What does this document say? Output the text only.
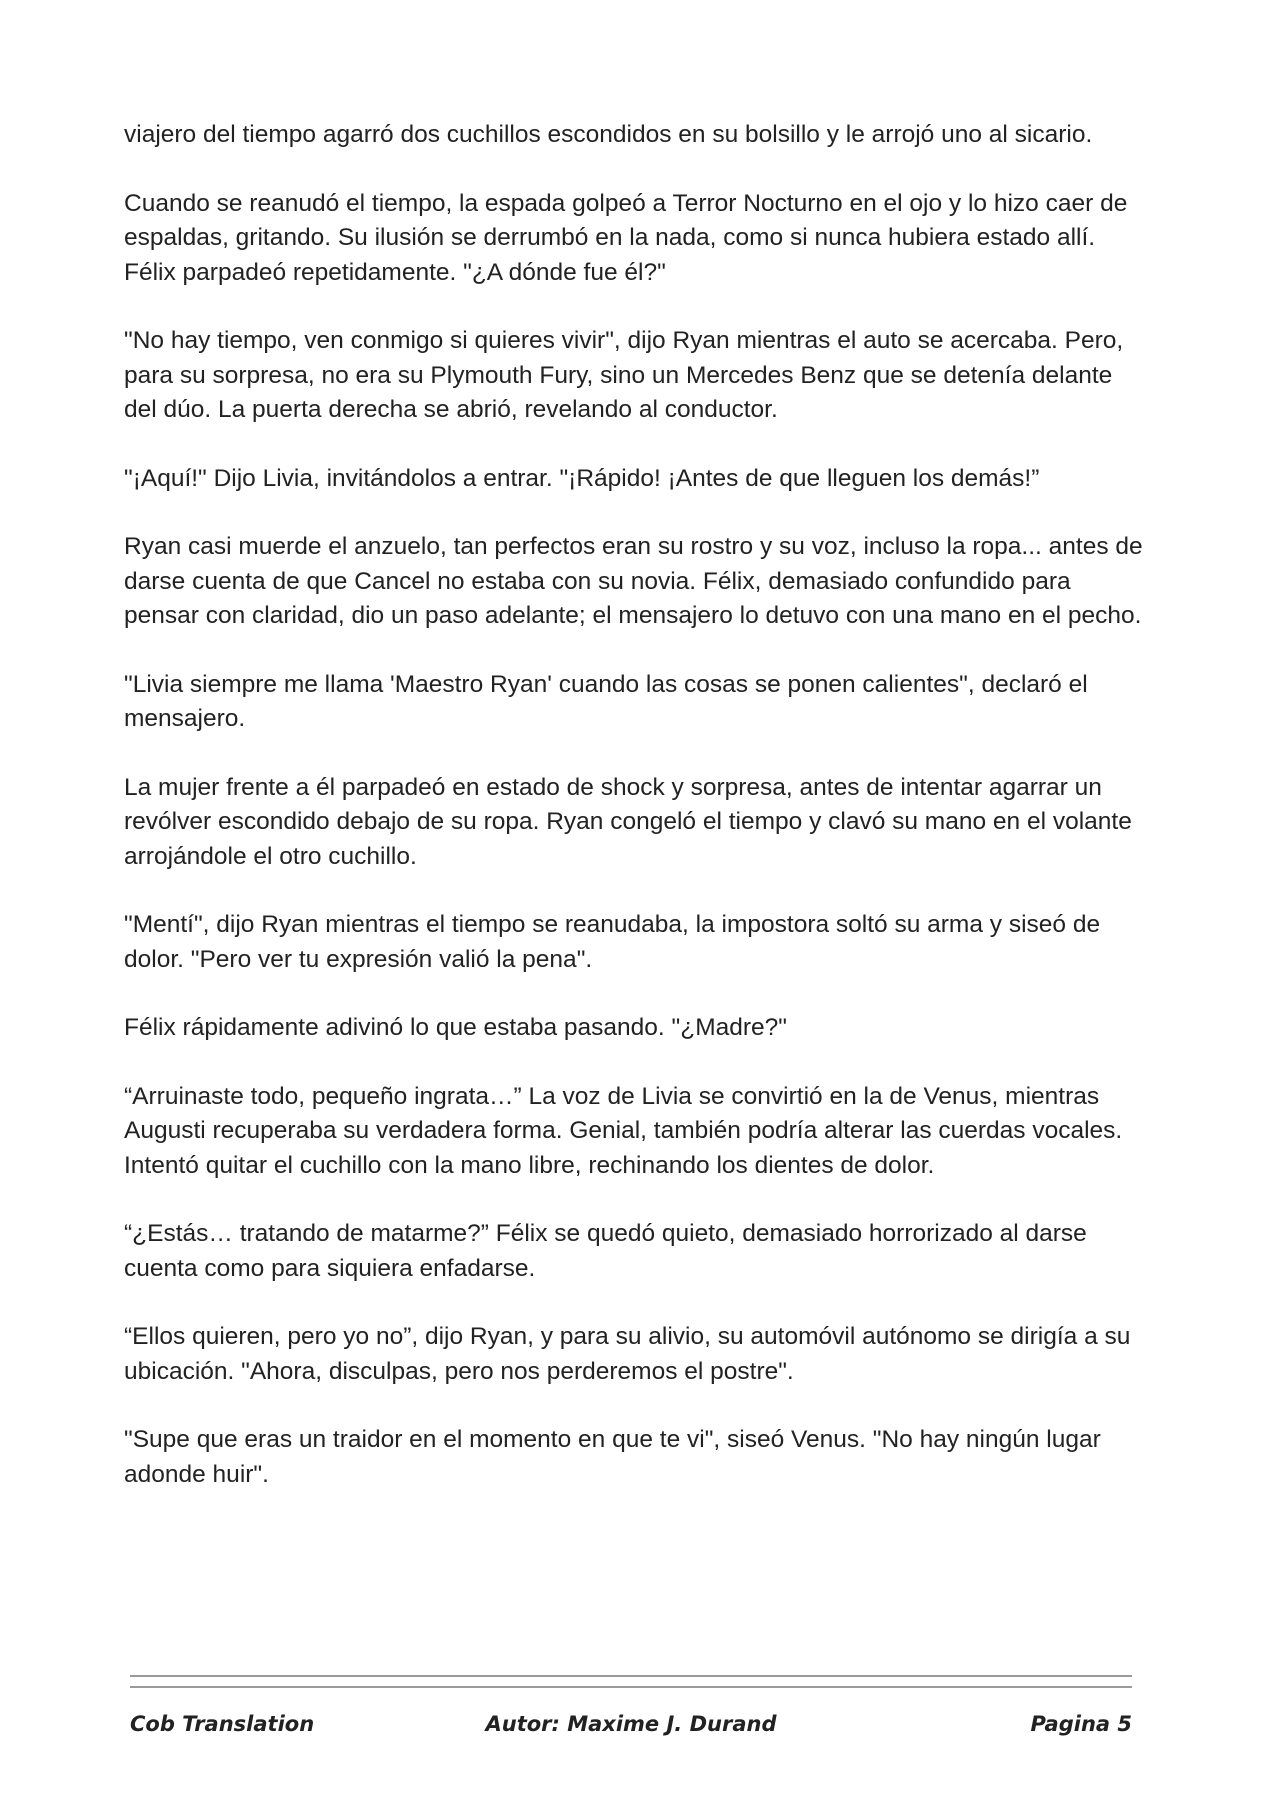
viajero del tiempo agarró dos cuchillos escondidos en su bolsillo y le arrojó uno al sicario.

Cuando se reanudó el tiempo, la espada golpeó a Terror Nocturno en el ojo y lo hizo caer de espaldas, gritando. Su ilusión se derrumbó en la nada, como si nunca hubiera estado allí. Félix parpadeó repetidamente. "¿A dónde fue él?"

"No hay tiempo, ven conmigo si quieres vivir", dijo Ryan mientras el auto se acercaba. Pero, para su sorpresa, no era su Plymouth Fury, sino un Mercedes Benz que se detenía delante del dúo. La puerta derecha se abrió, revelando al conductor.

"¡Aquí!" Dijo Livia, invitándolos a entrar. "¡Rápido! ¡Antes de que lleguen los demás!”

Ryan casi muerde el anzuelo, tan perfectos eran su rostro y su voz, incluso la ropa... antes de darse cuenta de que Cancel no estaba con su novia. Félix, demasiado confundido para pensar con claridad, dio un paso adelante; el mensajero lo detuvo con una mano en el pecho.

"Livia siempre me llama 'Maestro Ryan' cuando las cosas se ponen calientes", declaró el mensajero.

La mujer frente a él parpadeó en estado de shock y sorpresa, antes de intentar agarrar un revólver escondido debajo de su ropa. Ryan congeló el tiempo y clavó su mano en el volante arrojándole el otro cuchillo.

"Mentí", dijo Ryan mientras el tiempo se reanudaba, la impostora soltó su arma y siseó de dolor. "Pero ver tu expresión valió la pena".

Félix rápidamente adivinó lo que estaba pasando. "¿Madre?"

“Arruinaste todo, pequeño ingrata…” La voz de Livia se convirtió en la de Venus, mientras Augusti recuperaba su verdadera forma. Genial, también podría alterar las cuerdas vocales. Intentó quitar el cuchillo con la mano libre, rechinando los dientes de dolor.

“¿Estás… tratando de matarme?” Félix se quedó quieto, demasiado horrorizado al darse cuenta como para siquiera enfadarse.

“Ellos quieren, pero yo no”, dijo Ryan, y para su alivio, su automóvil autónomo se dirigía a su ubicación. "Ahora, disculpas, pero nos perderemos el postre".

"Supe que eras un traidor en el momento en que te vi", siseó Venus. "No hay ningún lugar adonde huir".

Cob Translation	Autor: Maxime J. Durand	Pagina 5
